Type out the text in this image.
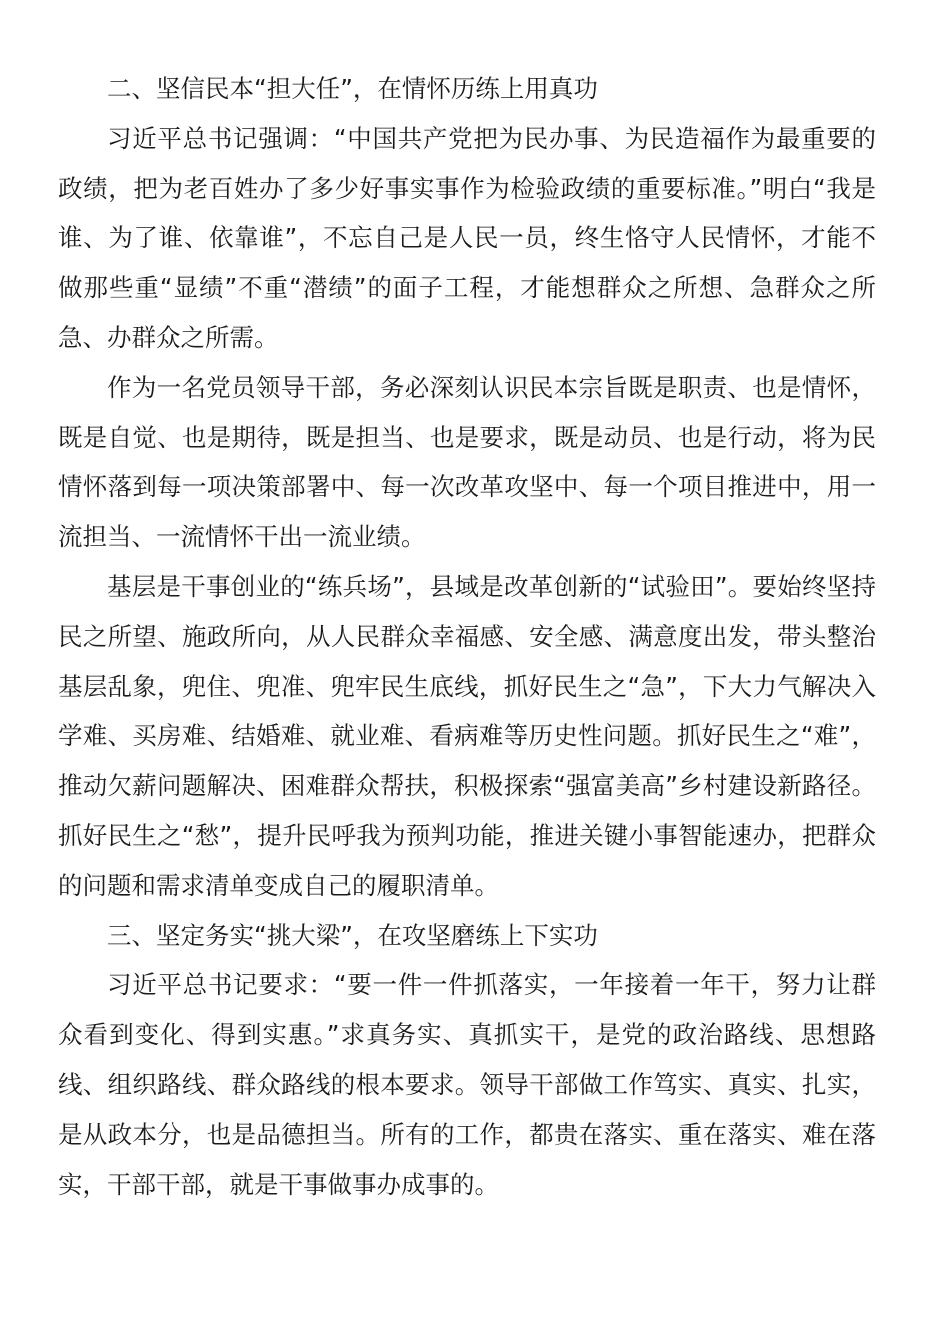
二、坚信民本“担大任”，在情怀历练上用真功

习近平总书记强调：“中国共产党把为民办事、为民造福作为最重要的政绩，把为老百姓办了多少好事实事作为检验政绩的重要标准。”明白“我是谁、为了谁、依靠谁”，不忘自己是人民一员，终生恪守人民情怀，才能不做那些重“显绩”不重“潜绩”的面子工程，才能想群众之所想、急群众之所急、办群众之所需。

作为一名党员领导干部，务必深刻认识民本宗旨既是职责、也是情怀，既是自觉、也是期待，既是担当、也是要求，既是动员、也是行动，将为民情怀落到每一项决策部署中、每一次改革攻坚中、每一个项目推进中，用一流担当、一流情怀干出一流业绩。

基层是干事创业的“练兵场”，县域是改革创新的“试验田”。要始终坚持民之所望、施政所向，从人民群众幸福感、安全感、满意度出发，带头整治基层乱象，兜住、兜准、兜牢民生底线，抓好民生之“急”，下大力气解决入学难、买房难、结婚难、就业难、看病难等历史性问题。抓好民生之“难”，推动欠薪问题解决、困难群众帮扶，积极探索“强富美高”乡村建设新路径。抓好民生之“愁”，提升民呼我为预判功能，推进关键小事智能速办，把群众的问题和需求清单变成自己的履职清单。

三、坚定务实“挑大梁”，在攻坚磨练上下实功

习近平总书记要求：“要一件一件抓落实，一年接着一年干，努力让群众看到变化、得到实惠。”求真务实、真抓实干，是党的政治路线、思想路线、组织路线、群众路线的根本要求。领导干部做工作笃实、真实、扎实，是从政本分，也是品德担当。所有的工作，都贵在落实、重在落实、难在落实，干部干部，就是干事做事办成事的。
